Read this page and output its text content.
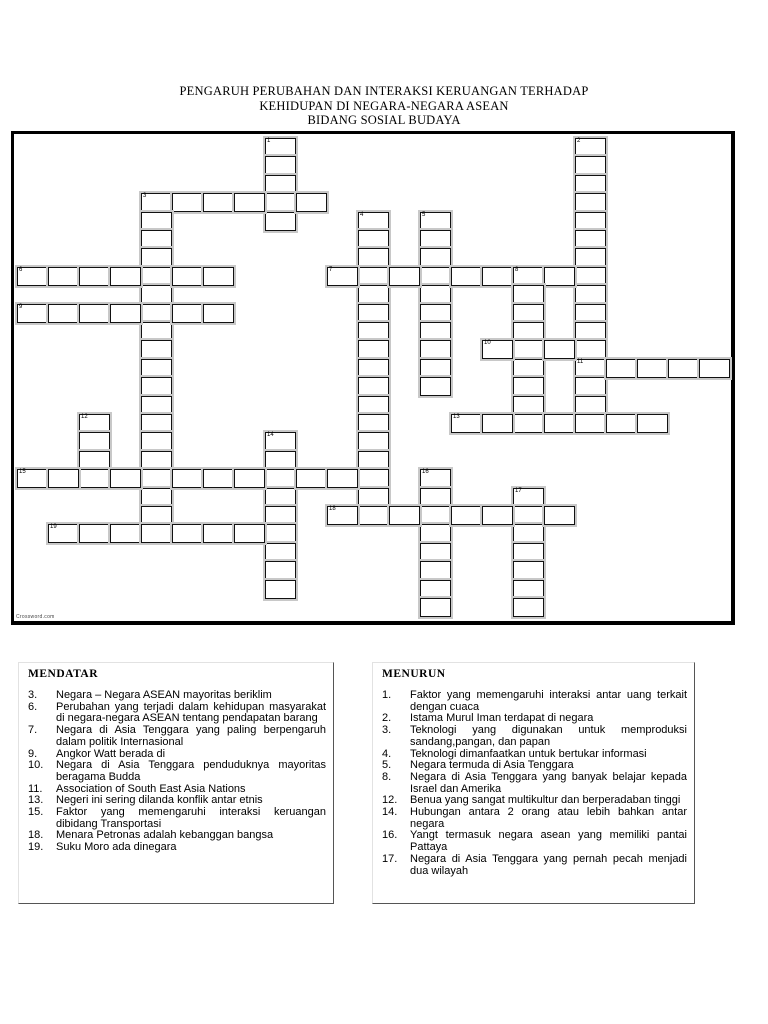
PENGARUH PERUBAHAN DAN INTERAKSI KERUANGAN TERHADAP
KEHIDUPAN DI NEGARA-NEGARA ASEAN
BIDANG SOSIAL BUDAYA
Crossword.com
1	2
11
3
4	5
6	7	8
9
10
12	13
14
15	16
17
18
19
MENDATAR
3.	Negara – Negara ASEAN mayoritas beriklim
6.	Perubahan yang terjadi dalam kehidupan masyarakat di negara-negara ASEAN tentang pendapatan barang
7.	Negara di Asia Tenggara yang paling berpengaruh dalam politik Internasional
9.	Angkor Watt berada di
10.	Negara di Asia Tenggara penduduknya mayoritas beragama Budda
11.	Association of South East Asia Nations
13.	Negeri ini sering dilanda konflik antar etnis
15.	Faktor yang memengaruhi interaksi keruangan dibidang Transportasi
18.	Menara Petronas adalah kebanggan bangsa
19.	Suku Moro ada dinegara
MENURUN
1.	Faktor yang memengaruhi interaksi antar uang terkait dengan cuaca
2.	Istama Murul Iman terdapat di negara
3.	Teknologi yang digunakan untuk memproduksi sandang,pangan, dan papan
4.	Teknologi dimanfaatkan untuk bertukar informasi
5.	Negara termuda di Asia Tenggara
8.	Negara di Asia Tenggara yang banyak belajar kepada Israel dan Amerika
12.	Benua yang sangat multikultur dan berperadaban tinggi
14.	Hubungan antara 2 orang atau lebih bahkan antar negara
16.	Yangt termasuk negara asean yang memiliki pantai Pattaya
17.	Negara di Asia Tenggara yang pernah pecah menjadi dua wilayah
